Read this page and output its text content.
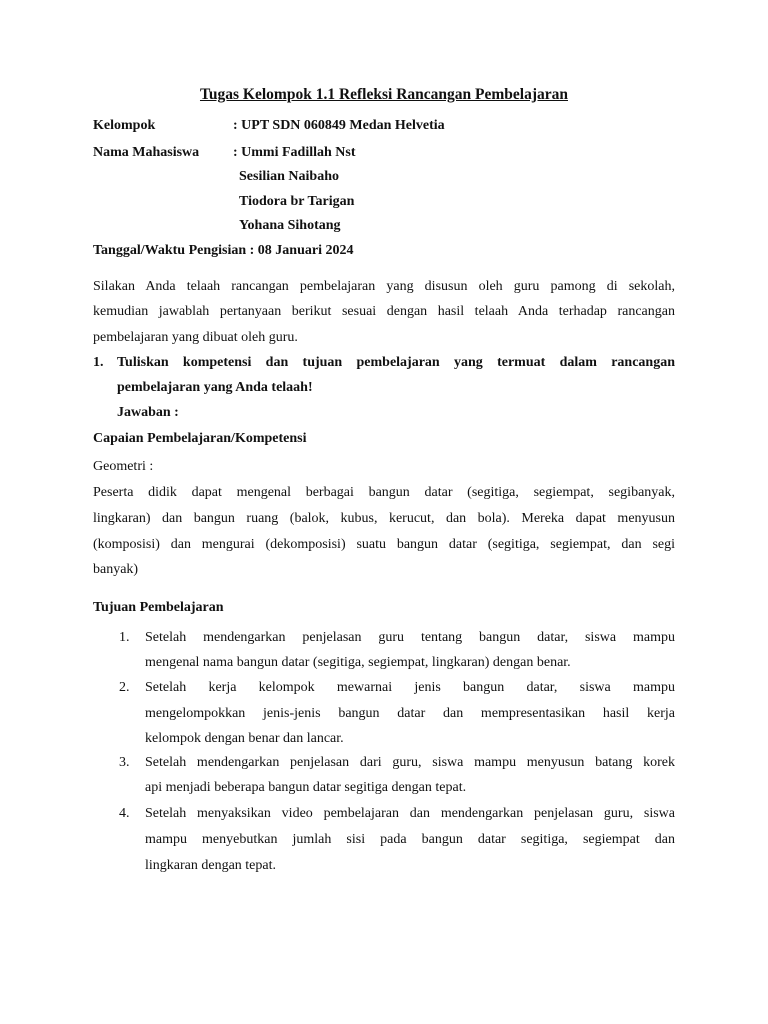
Tugas Kelompok 1.1 Refleksi Rancangan Pembelajaran
Kelompok	: UPT SDN 060849 Medan Helvetia
Nama Mahasiswa : Ummi Fadillah Nst
Sesilian Naibaho
Tiodora br Tarigan
Yohana Sihotang
Tanggal/Waktu Pengisian : 08 Januari 2024
Silakan Anda telaah rancangan pembelajaran yang disusun oleh guru pamong di sekolah,
kemudian jawablah pertanyaan berikut sesuai dengan hasil telaah Anda terhadap rancangan
pembelajaran yang dibuat oleh guru.
1. Tuliskan kompetensi dan tujuan pembelajaran yang termuat dalam rancangan
pembelajaran yang Anda telaah!
Jawaban :
Capaian Pembelajaran/Kompetensi
Geometri :
Peserta didik dapat mengenal berbagai bangun datar (segitiga, segiempat, segibanyak,
lingkaran) dan bangun ruang (balok, kubus, kerucut, dan bola). Mereka dapat menyusun
(komposisi) dan mengurai (dekomposisi) suatu bangun datar (segitiga, segiempat, dan segi
banyak)
Tujuan Pembelajaran
1. Setelah mendengarkan penjelasan guru tentang bangun datar, siswa mampu
mengenal nama bangun datar (segitiga, segiempat, lingkaran) dengan benar.
2. Setelah kerja kelompok mewarnai jenis bangun datar, siswa mampu
mengelompokkan jenis-jenis bangun datar dan mempresentasikan hasil kerja
kelompok dengan benar dan lancar.
3. Setelah mendengarkan penjelasan dari guru, siswa mampu menyusun batang korek
api menjadi beberapa bangun datar segitiga dengan tepat.
4. Setelah menyaksikan video pembelajaran dan mendengarkan penjelasan guru, siswa
mampu menyebutkan jumlah sisi pada bangun datar segitiga, segiempat dan
lingkaran dengan tepat.
